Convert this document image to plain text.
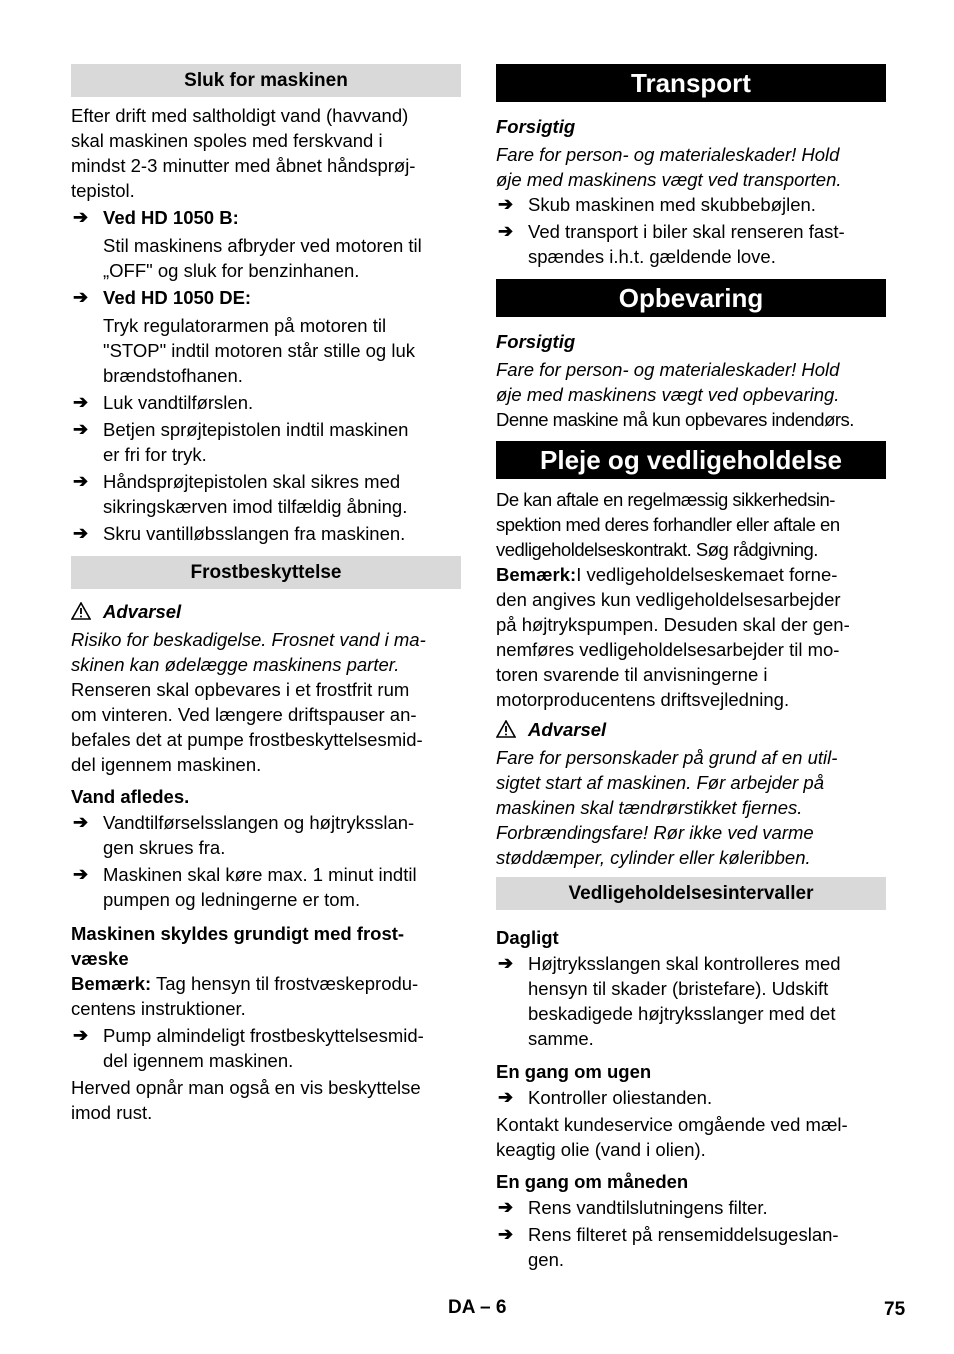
Sluk for maskinen
Efter drift med saltholdigt vand (havvand)
skal maskinen spoles med ferskvand i
mindst 2-3 minutter med åbnet håndsprøj-
tepistol.
➔ Ved HD 1050 B:
Stil maskinens afbryder ved motoren til
„OFF" og sluk for benzinhanen.
➔ Ved HD 1050 DE:
Tryk regulatorarmen på motoren til
"STOP" indtil motoren står stille og luk
brændstofhanen.
➔ Luk vandtilførslen.
➔ Betjen sprøjtepistolen indtil maskinen
er fri for tryk.
➔ Håndsprøjtepistolen skal sikres med
sikringskærven imod tilfældig åbning.
➔ Skru vantilløbsslangen fra maskinen.
Frostbeskyttelse
Advarsel
Risiko for beskadigelse. Frosnet vand i ma-
skinen kan ødelægge maskinens parter.
Renseren skal opbevares i et frostfrit rum
om vinteren. Ved længere driftspauser an-
befales det at pumpe frostbeskyttelsesmid-
del igennem maskinen.
Vand afledes.
➔ Vandtilførselsslangen og højtryksslan-
gen skrues fra.
➔ Maskinen skal køre max. 1 minut indtil
pumpen og ledningerne er tom.
Maskinen skyldes grundigt med frost-
væske
Bemærk: Tag hensyn til frostvæskeprodu-
centens instruktioner.
➔ Pump almindeligt frostbeskyttelsesmid-
del igennem maskinen.
Herved opnår man også en vis beskyttelse
imod rust.
Transport
Forsigtig
Fare for person- og materialeskader! Hold
øje med maskinens vægt ved transporten.
➔ Skub maskinen med skubbebøjlen.
➔ Ved transport i biler skal renseren fast-
spændes i.h.t. gældende love.
Opbevaring
Forsigtig
Fare for person- og materialeskader! Hold
øje med maskinens vægt ved opbevaring.
Denne maskine må kun opbevares indendørs.
Pleje og vedligeholdelse
De kan aftale en regelmæssig sikkerhedsin-
spektion med deres forhandler eller aftale en
vedligeholdelseskontrakt. Søg rådgivning.
Bemærk:I vedligeholdelseskemaet forne-
den angives kun vedligeholdelsesarbejder
på højtrykspumpen. Desuden skal der gen-
nemføres vedligeholdelsesarbejder til mo-
toren svarende til anvisningerne i
motorproducentens driftsvejledning.
Advarsel
Fare for personskader på grund af en util-
sigtet start af maskinen. Før arbejder på
maskinen skal tændrørstikket fjernes.
Forbrændingsfare! Rør ikke ved varme
støddæmper, cylinder eller køleribben.
Vedligeholdelsesintervaller
Dagligt
➔ Højtryksslangen skal kontrolleres med
hensyn til skader (bristefare). Udskift
beskadigede højtryksslanger med det
samme.
En gang om ugen
➔ Kontroller oliestanden.
Kontakt kundeservice omgående ved mæl-
keagtig olie (vand i olien).
En gang om måneden
➔ Rens vandtilslutningens filter.
➔ Rens filteret på rensemiddelsugeslan-
gen.
DA – 6	75
